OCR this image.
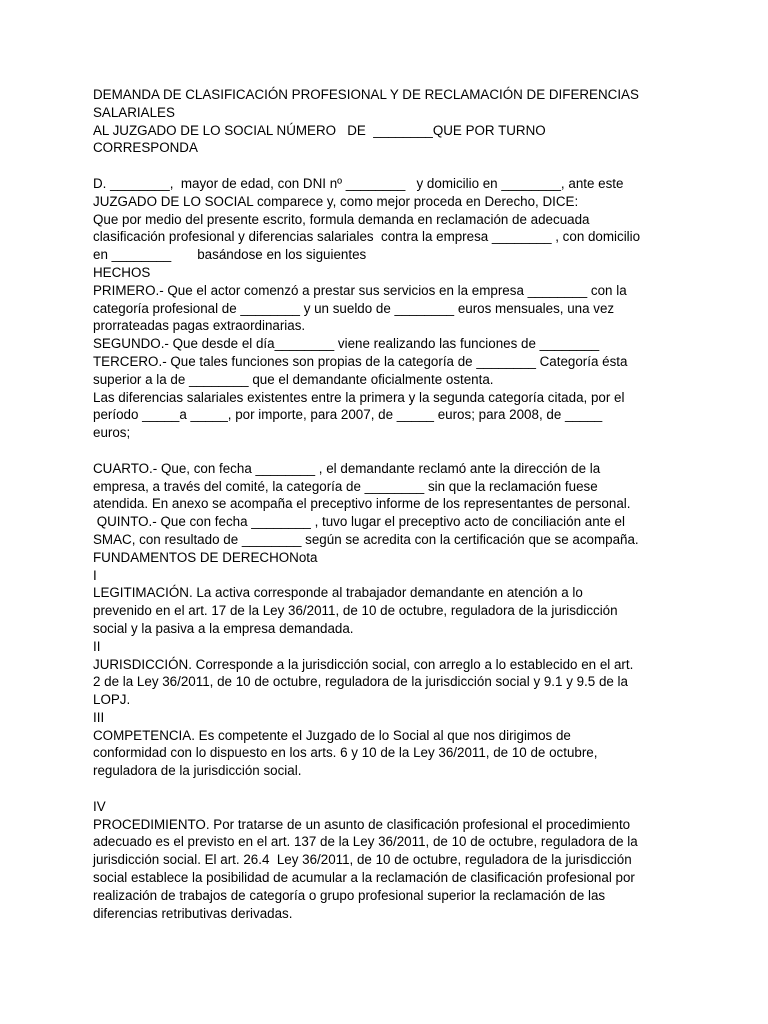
DEMANDA DE CLASIFICACIÓN PROFESIONAL Y DE RECLAMACIÓN DE DIFERENCIAS
SALARIALES
AL JUZGADO DE LO SOCIAL NÚMERO   DE  ________QUE POR TURNO
CORRESPONDA
D. ________,  mayor de edad, con DNI nº ________   y domicilio en ________, ante este
JUZGADO DE LO SOCIAL comparece y, como mejor proceda en Derecho, DICE:
Que por medio del presente escrito, formula demanda en reclamación de adecuada
clasificación profesional y diferencias salariales  contra la empresa ________ , con domicilio
en ________       basándose en los siguientes
HECHOS
PRIMERO.- Que el actor comenzó a prestar sus servicios en la empresa ________ con la
categoría profesional de ________ y un sueldo de ________ euros mensuales, una vez
prorrateadas pagas extraordinarias.
SEGUNDO.- Que desde el día________ viene realizando las funciones de ________
TERCERO.- Que tales funciones son propias de la categoría de ________ Categoría ésta
superior a la de ________ que el demandante oficialmente ostenta.
Las diferencias salariales existentes entre la primera y la segunda categoría citada, por el
período _____a _____, por importe, para 2007, de _____ euros; para 2008, de _____
euros;
CUARTO.- Que, con fecha ________ , el demandante reclamó ante la dirección de la
empresa, a través del comité, la categoría de ________ sin que la reclamación fuese
atendida. En anexo se acompaña el preceptivo informe de los representantes de personal.
QUINTO.- Que con fecha ________ , tuvo lugar el preceptivo acto de conciliación ante el
SMAC, con resultado de ________ según se acredita con la certificación que se acompaña.
FUNDAMENTOS DE DERECHONota
I
LEGITIMACIÓN. La activa corresponde al trabajador demandante en atención a lo
prevenido en el art. 17 de la Ley 36/2011, de 10 de octubre, reguladora de la jurisdicción
social y la pasiva a la empresa demandada.
II
JURISDICCIÓN. Corresponde a la jurisdicción social, con arreglo a lo establecido en el art.
2 de la Ley 36/2011, de 10 de octubre, reguladora de la jurisdicción social y 9.1 y 9.5 de la
LOPJ.
III
COMPETENCIA. Es competente el Juzgado de lo Social al que nos dirigimos de
conformidad con lo dispuesto en los arts. 6 y 10 de la Ley 36/2011, de 10 de octubre,
reguladora de la jurisdicción social.
IV
PROCEDIMIENTO. Por tratarse de un asunto de clasificación profesional el procedimiento
adecuado es el previsto en el art. 137 de la Ley 36/2011, de 10 de octubre, reguladora de la
jurisdicción social. El art. 26.4  Ley 36/2011, de 10 de octubre, reguladora de la jurisdicción
social establece la posibilidad de acumular a la reclamación de clasificación profesional por
realización de trabajos de categoría o grupo profesional superior la reclamación de las
diferencias retributivas derivadas.
